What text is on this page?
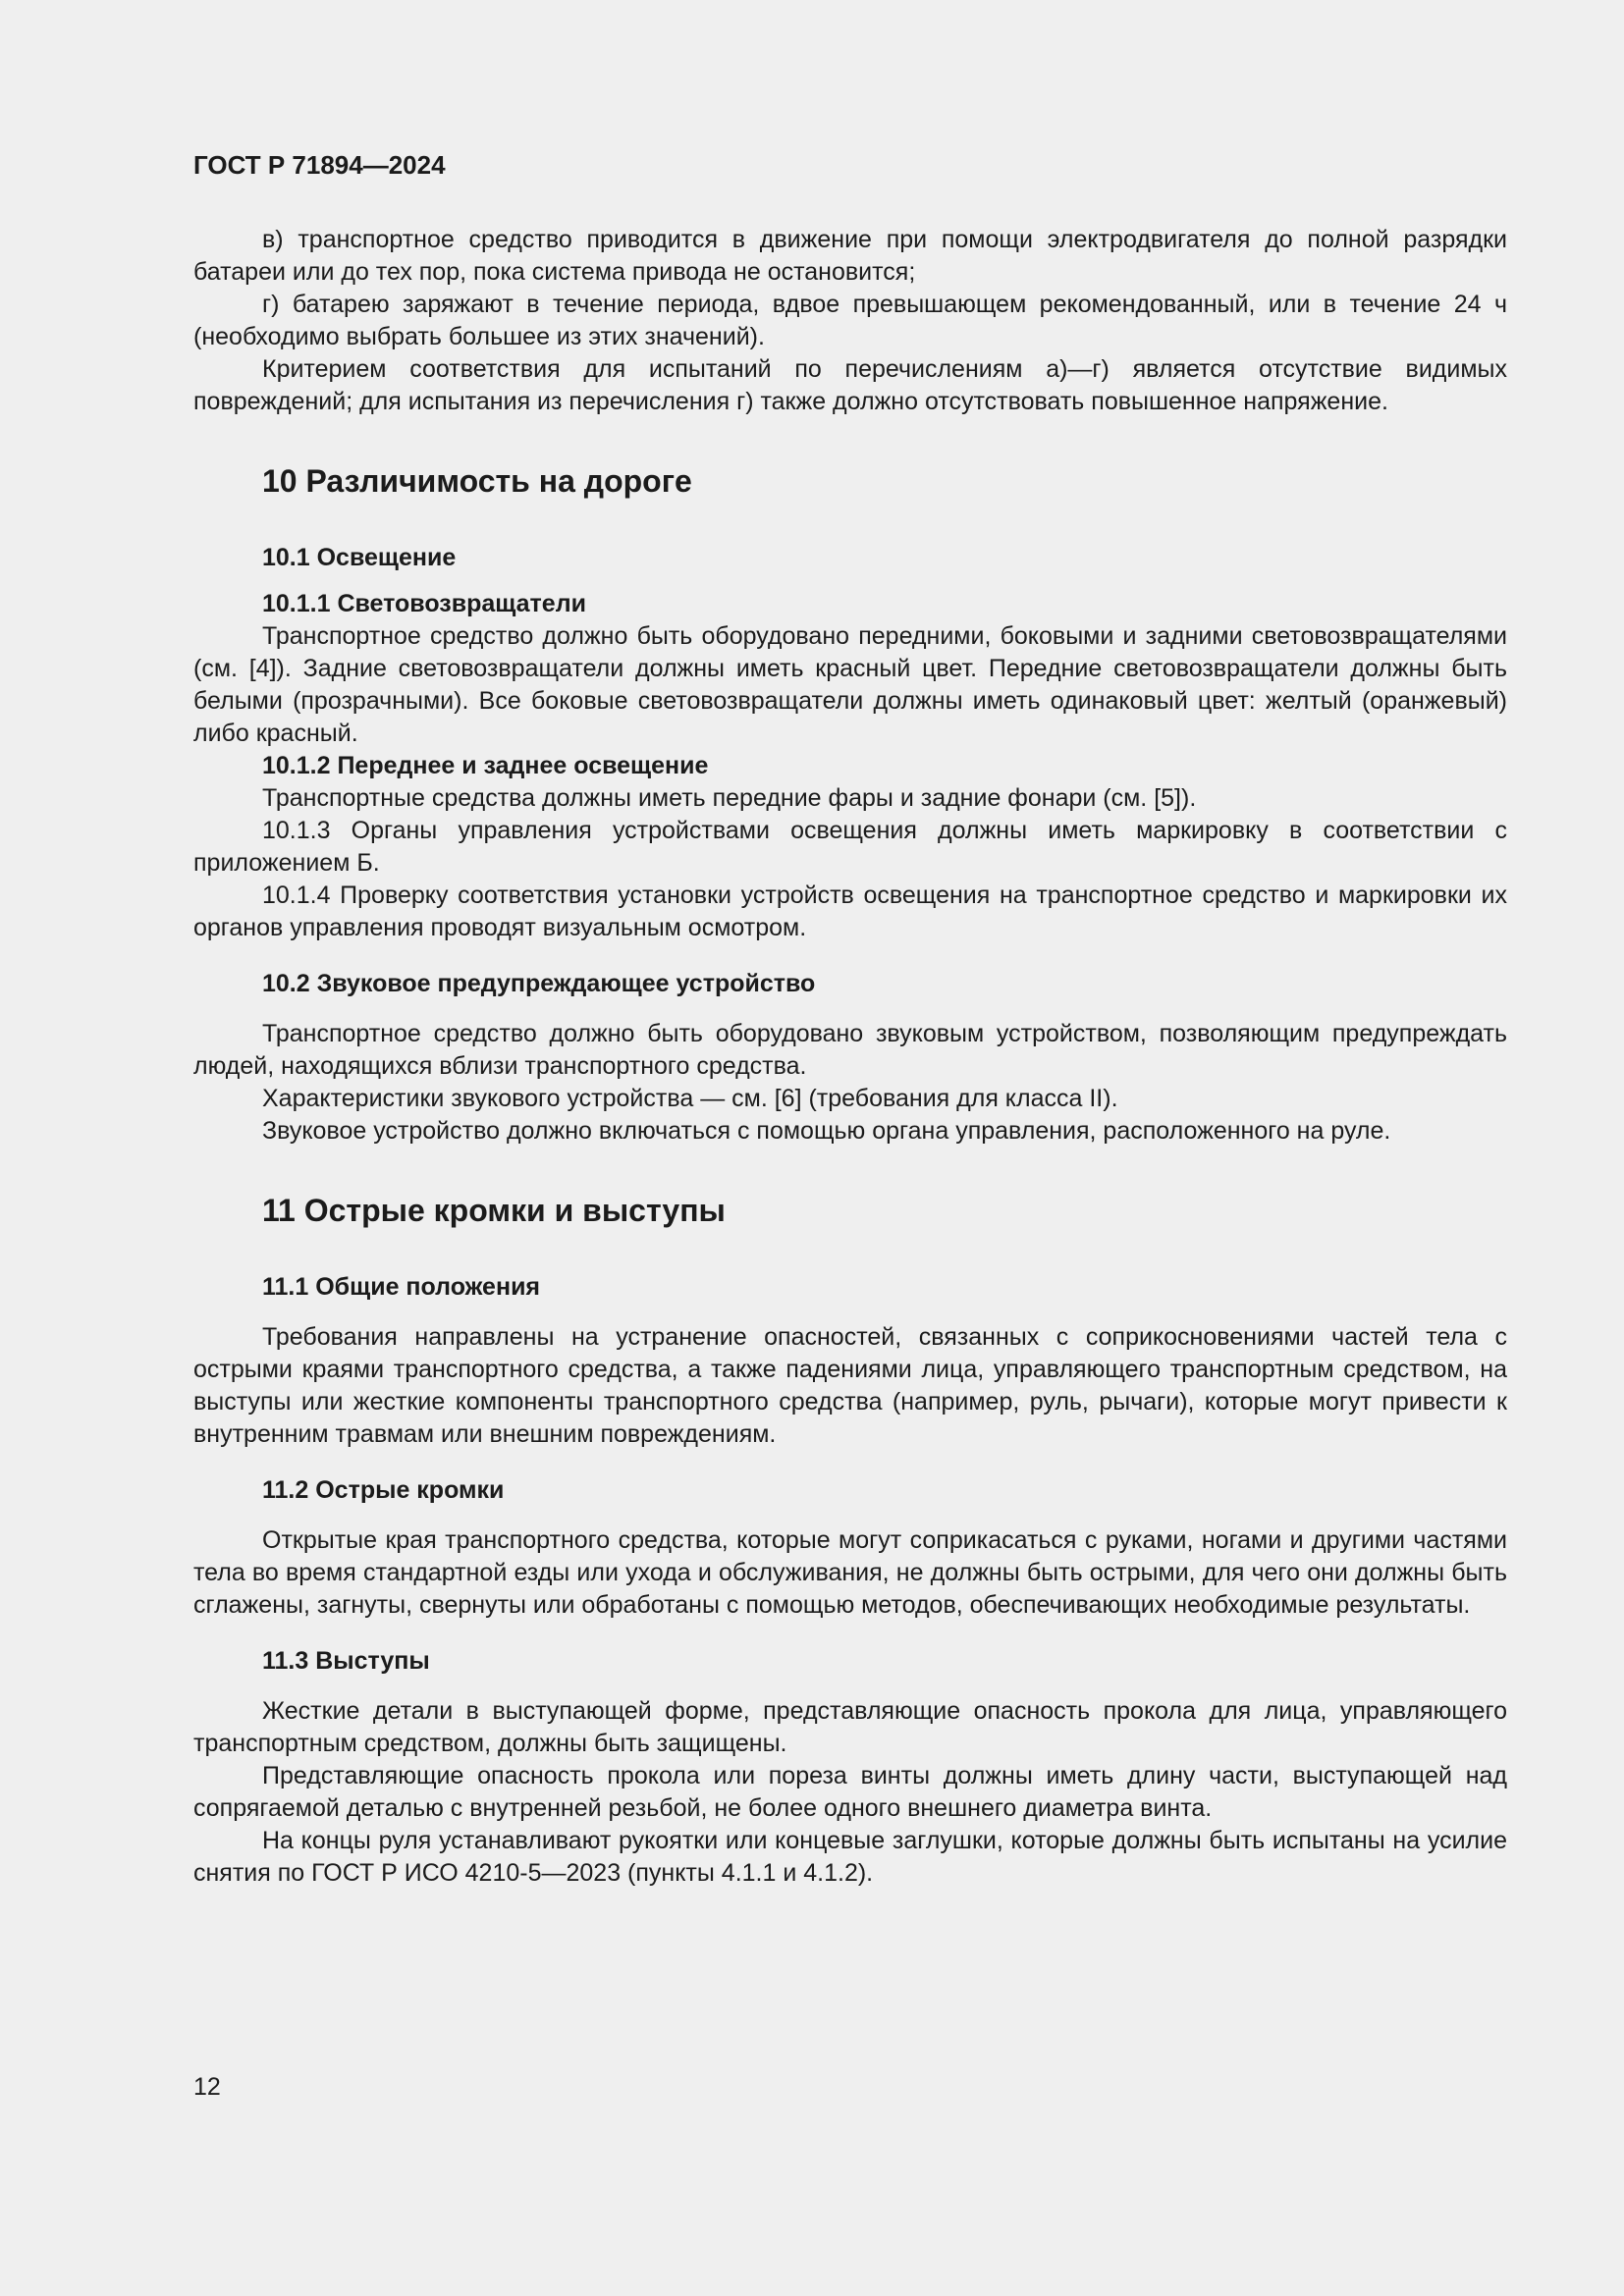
ГОСТ Р 71894—2024

в) транспортное средство приводится в движение при помощи электродвигателя до полной разрядки батареи или до тех пор, пока система привода не остановится;

г) батарею заряжают в течение периода, вдвое превышающем рекомендованный, или в течение 24 ч (необходимо выбрать большее из этих значений).

Критерием соответствия для испытаний по перечислениям а)—г) является отсутствие видимых повреждений; для испытания из перечисления г) также должно отсутствовать повышенное напряжение.

10 Различимость на дороге
10.1 Освещение
10.1.1 Световозвращатели

Транспортное средство должно быть оборудовано передними, боковыми и задними световозвращателями (см. [4]). Задние световозвращатели должны иметь красный цвет. Передние световозвращатели должны быть белыми (прозрачными). Все боковые световозвращатели должны иметь одинаковый цвет: желтый (оранжевый) либо красный.

10.1.2 Переднее и заднее освещение

Транспортные средства должны иметь передние фары и задние фонари (см. [5]).

10.1.3 Органы управления устройствами освещения должны иметь маркировку в соответствии с приложением Б.

10.1.4 Проверку соответствия установки устройств освещения на транспортное средство и маркировки их органов управления проводят визуальным осмотром.

10.2 Звуковое предупреждающее устройство

Транспортное средство должно быть оборудовано звуковым устройством, позволяющим предупреждать людей, находящихся вблизи транспортного средства.

Характеристики звукового устройства — см. [6] (требования для класса II).

Звуковое устройство должно включаться с помощью органа управления, расположенного на руле.

11 Острые кромки и выступы
11.1 Общие положения

Требования направлены на устранение опасностей, связанных с соприкосновениями частей тела с острыми краями транспортного средства, а также падениями лица, управляющего транспортным средством, на выступы или жесткие компоненты транспортного средства (например, руль, рычаги), которые могут привести к внутренним травмам или внешним повреждениям.

11.2 Острые кромки

Открытые края транспортного средства, которые могут соприкасаться с руками, ногами и другими частями тела во время стандартной езды или ухода и обслуживания, не должны быть острыми, для чего они должны быть сглажены, загнуты, свернуты или обработаны с помощью методов, обеспечивающих необходимые результаты.

11.3 Выступы

Жесткие детали в выступающей форме, представляющие опасность прокола для лица, управляющего транспортным средством, должны быть защищены.

Представляющие опасность прокола или пореза винты должны иметь длину части, выступающей над сопрягаемой деталью с внутренней резьбой, не более одного внешнего диаметра винта.

На концы руля устанавливают рукоятки или концевые заглушки, которые должны быть испытаны на усилие снятия по ГОСТ Р ИСО 4210-5—2023 (пункты 4.1.1 и 4.1.2).

12
